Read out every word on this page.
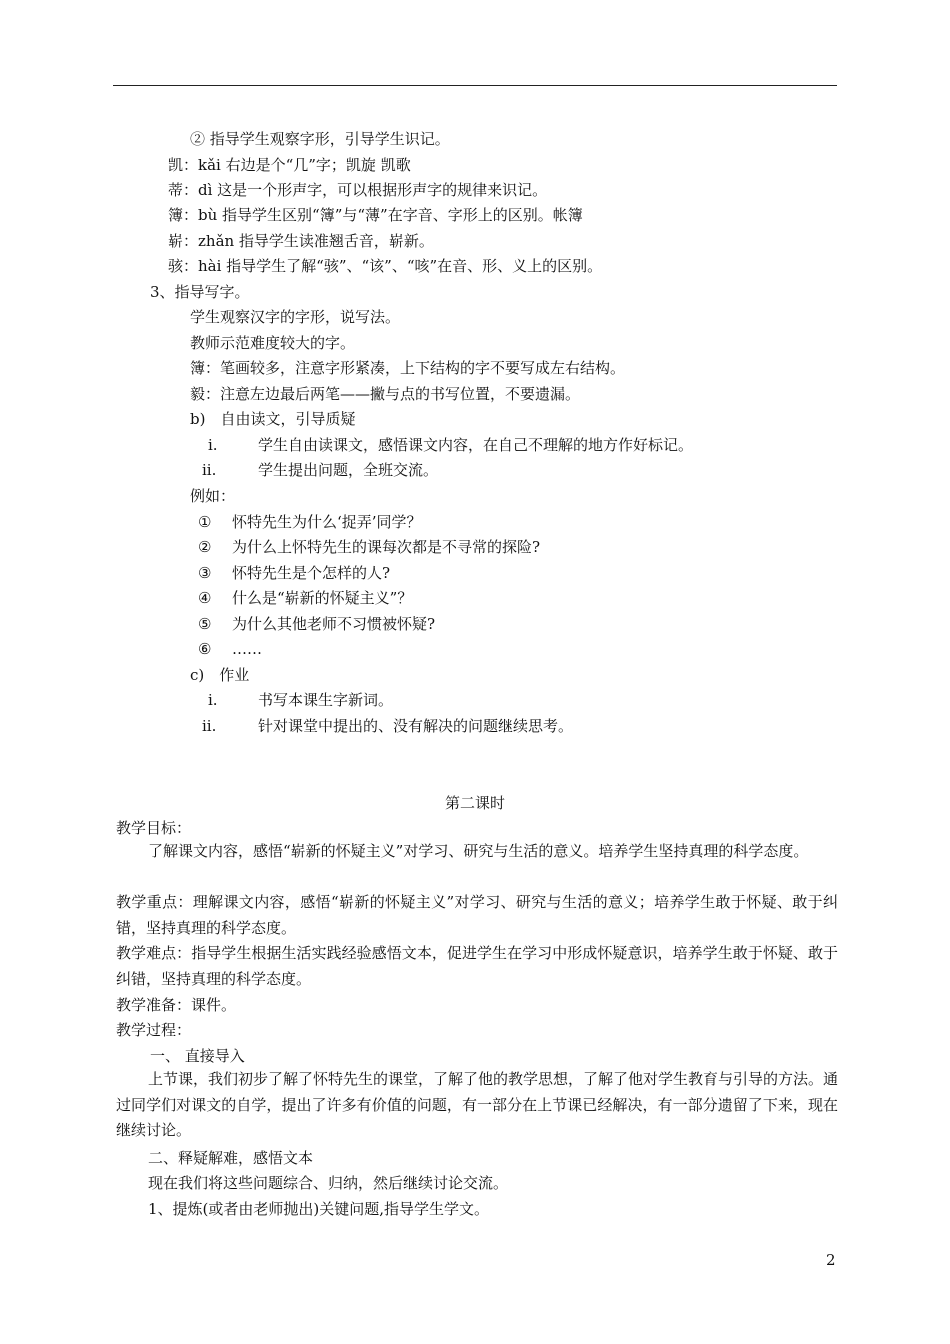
② 指导学生观察字形，引导学生识记。
凯：kǎi 右边是个“几”字；凯旋 凯歌
蒂：dì 这是一个形声字，可以根据形声字的规律来识记。
簿：bù 指导学生区别“簿”与“薄”在字音、字形上的区别。帐簿
崭：zhǎn 指导学生读准翘舌音，崭新。
骇：hài 指导学生了解“骇”、“该”、“咳”在音、形、义上的区别。
3、指导写字。
学生观察汉字的字形，说写法。
教师示范难度较大的字。
簿：笔画较多，注意字形紧凑，上下结构的字不要写成左右结构。
毅：注意左边最后两笔——撇与点的书写位置，不要遗漏。
b)　自由读文，引导质疑
i.	学生自由读课文，感悟课文内容，在自己不理解的地方作好标记。
ii.	学生提出问题，全班交流。
例如：
① 怀特先生为什么‘捉弄’同学？
② 为什么上怀特先生的课每次都是不寻常的探险?
③ 怀特先生是个怎样的人?
④ 什么是“崭新的怀疑主义”？
⑤ 为什么其他老师不习惯被怀疑?
⑥ ……
c)　作业
i.	书写本课生字新词。
ii.	针对课堂中提出的、没有解决的问题继续思考。
第二课时
教学目标：
了解课文内容，感悟“崭新的怀疑主义”对学习、研究与生活的意义。培养学生坚持真理的科学态度。
教学重点：理解课文内容，感悟“崭新的怀疑主义”对学习、研究与生活的意义；培养学生敢于怀疑、敢于纠错，坚持真理的科学态度。
教学难点：指导学生根据生活实践经验感悟文本，促进学生在学习中形成怀疑意识，培养学生敢于怀疑、敢于纠错，坚持真理的科学态度。
教学准备：课件。
教学过程：
一、 直接导入
上节课，我们初步了解了怀特先生的课堂，了解了他的教学思想，了解了他对学生教育与引导的方法。通过同学们对课文的自学，提出了许多有价值的问题，有一部分在上节课已经解决，有一部分遗留了下来，现在继续讨论。
二、释疑解难，感悟文本
现在我们将这些问题综合、归纳，然后继续讨论交流。
1、提炼(或者由老师抛出)关键问题,指导学生学文。
2
